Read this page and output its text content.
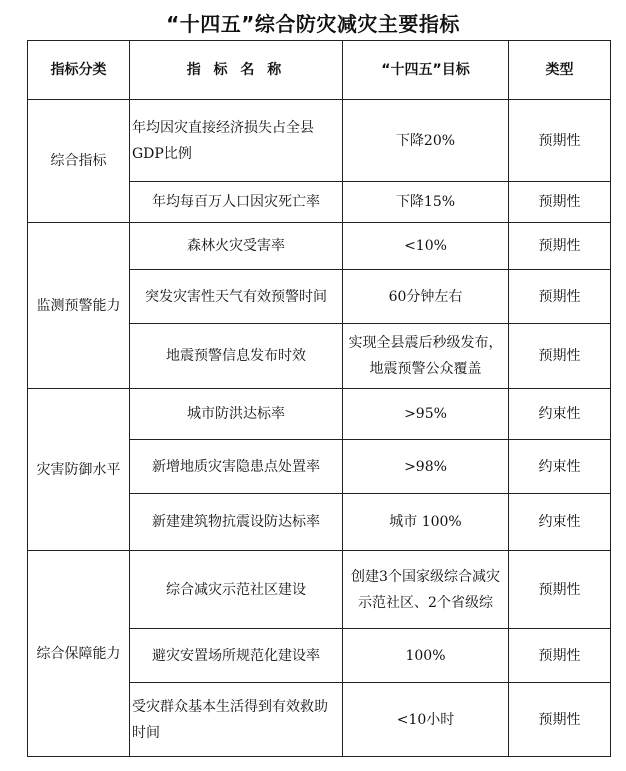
“十四五”综合防灾减灾主要指标
指标分类	指 标 名 称	“十四五”目标	类型
综合指标	年均因灾直接经济损失占全县GDP比例	下降20%	预期性
	年均每百万人口因灾死亡率	下降15%	预期性
监测预警能力	森林火灾受害率	<10%	预期性
	突发灾害性天气有效预警时间	60分钟左右	预期性
	地震预警信息发布时效	实现全县震后秒级发布，地震预警公众覆盖	预期性
灾害防御水平	城市防洪达标率	>95%	约束性
	新增地质灾害隐患点处置率	>98%	约束性
	新建建筑物抗震设防达标率	城市 100%	约束性
综合保障能力	综合减灾示范社区建设	创建3个国家级综合减灾示范社区、2个省级综	预期性
	避灾安置场所规范化建设率	100%	预期性
	受灾群众基本生活得到有效救助时间	<10小时	预期性
